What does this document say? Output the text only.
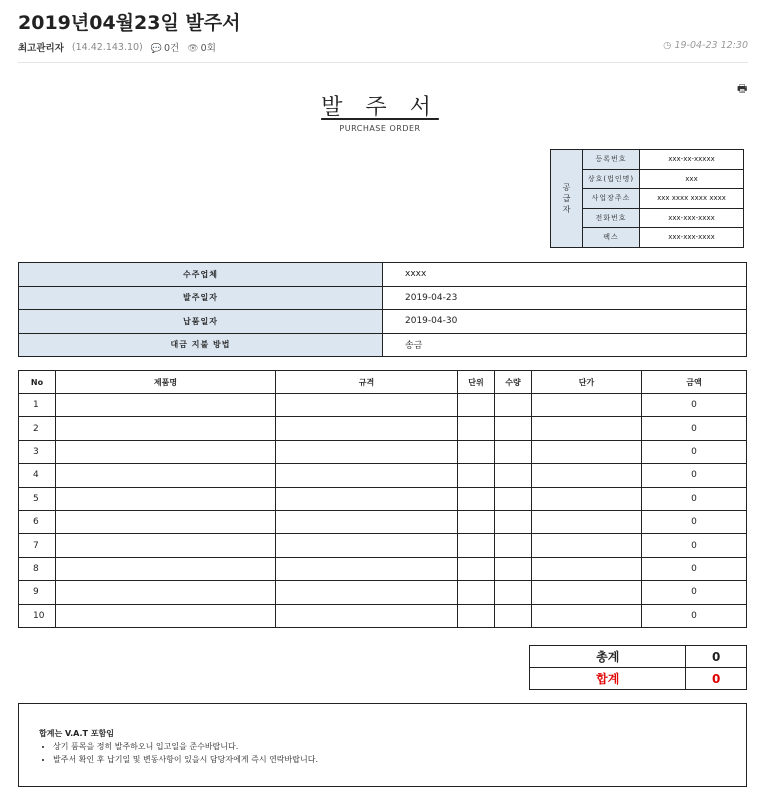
2019년04월23일 발주서
최고관리자 (14.42.143.10) 💬 0건 👁 0회	◷ 19-04-23 12:30
🖶
발 주 서
PURCHASE ORDER
공
급
자	등록번호	xxx-xx-xxxxx
	상호(법인명)	xxx
	사업장주소	xxx xxxx xxxx xxxx
	전화번호	xxx-xxx-xxxx
	팩스	xxx-xxx-xxxx
수주업체	xxxx
발주일자	2019-04-23
납품일자	2019-04-30
대금 지불 방법	송금
No	제품명	규격	단위	수량	단가	금액
1						0
2						0
3						0
4						0
5						0
6						0
7						0
8						0
9						0
10						0
총계	0
합계	0
합계는 V.A.T 포함임
• 상기 품목을 정히 발주하오니 입고일을 준수바랍니다.
• 발주서 확인 후 납기일 및 변동사항이 있을시 담당자에게 즉시 연락바랍니다.
